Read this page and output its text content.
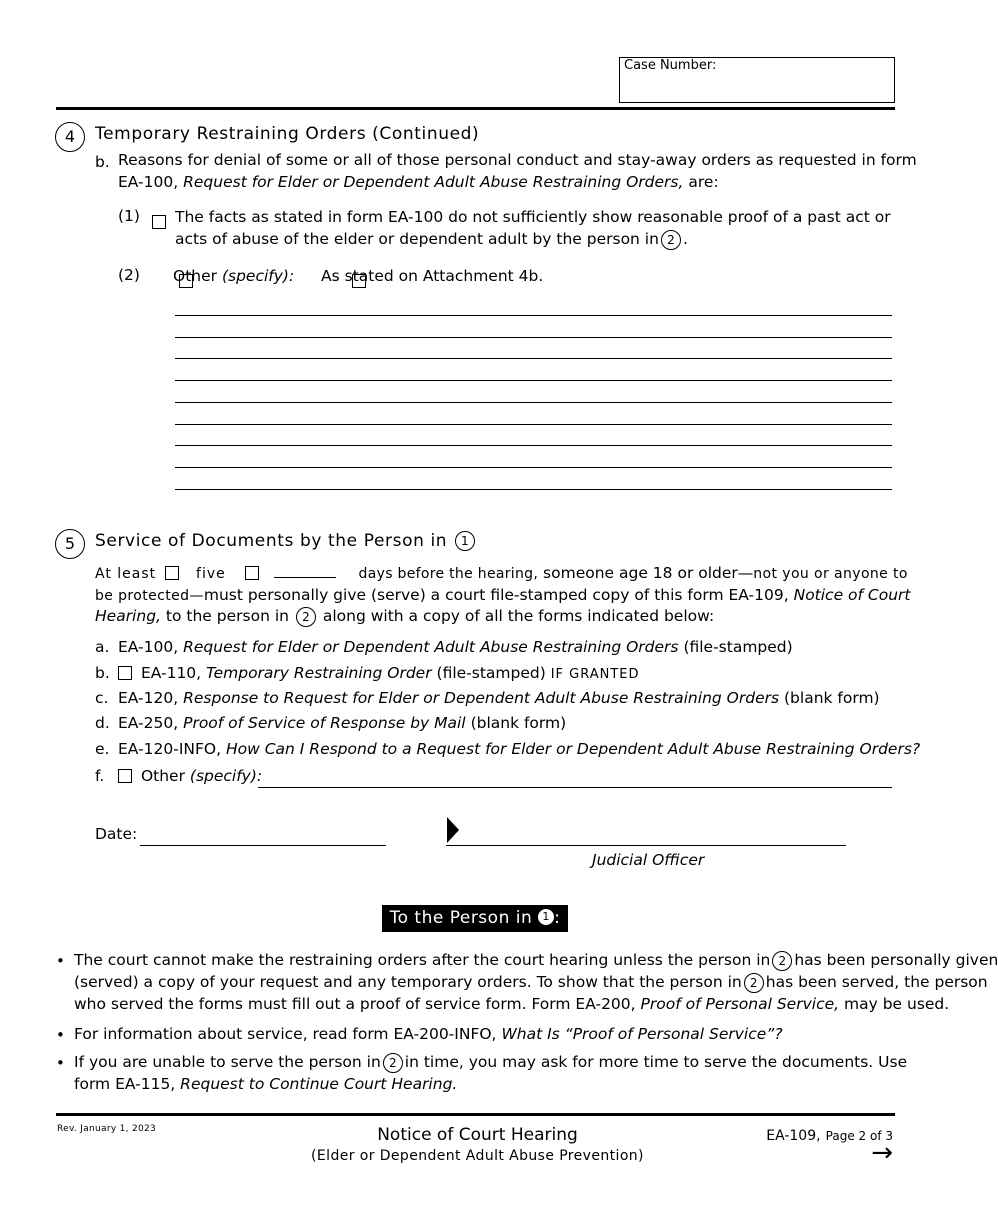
Case Number:
4	Temporary Restraining Orders (Continued)
b. Reasons for denial of some or all of those personal conduct and stay-away orders as requested in form
EA-100, Request for Elder or Dependent Adult Abuse Restraining Orders, are:
(1)
The facts as stated in form EA-100 do not sufficiently show reasonable proof of a past act or
acts of abuse of the elder or dependent adult by the person in 2 .
(2)
Other (specify): As stated on Attachment 4b.
5	Service of Documents by the Person in 1
At least	five	days before the hearing, someone age 18 or older—not you or anyone to
be protected—must personally give (serve) a court file-stamped copy of this form EA-109, Notice of Court
Hearing, to the person in 2 along with a copy of all the forms indicated below:
a. EA-100, Request for Elder or Dependent Adult Abuse Restraining Orders (file-stamped)
b. EA-110, Temporary Restraining Order (file-stamped) IF GRANTED
c. EA-120, Response to Request for Elder or Dependent Adult Abuse Restraining Orders (blank form)
d. EA-250, Proof of Service of Response by Mail (blank form)
e. EA-120-INFO, How Can I Respond to a Request for Elder or Dependent Adult Abuse Restraining Orders?
f. Other (specify):
Date:
Judicial Officer
To the Person in 1 :
• The court cannot make the restraining orders after the court hearing unless the person in 2 has been personally given
(served) a copy of your request and any temporary orders. To show that the person in 2 has been served, the person
who served the forms must fill out a proof of service form. Form EA-200, Proof of Personal Service, may be used.
• For information about service, read form EA-200-INFO, What Is “Proof of Personal Service”?
• If you are unable to serve the person in 2 in time, you may ask for more time to serve the documents. Use
form EA-115, Request to Continue Court Hearing.
Rev. January 1, 2023	Notice of Court Hearing
(Elder or Dependent Adult Abuse Prevention)
EA-109, Page 2 of 3
→
